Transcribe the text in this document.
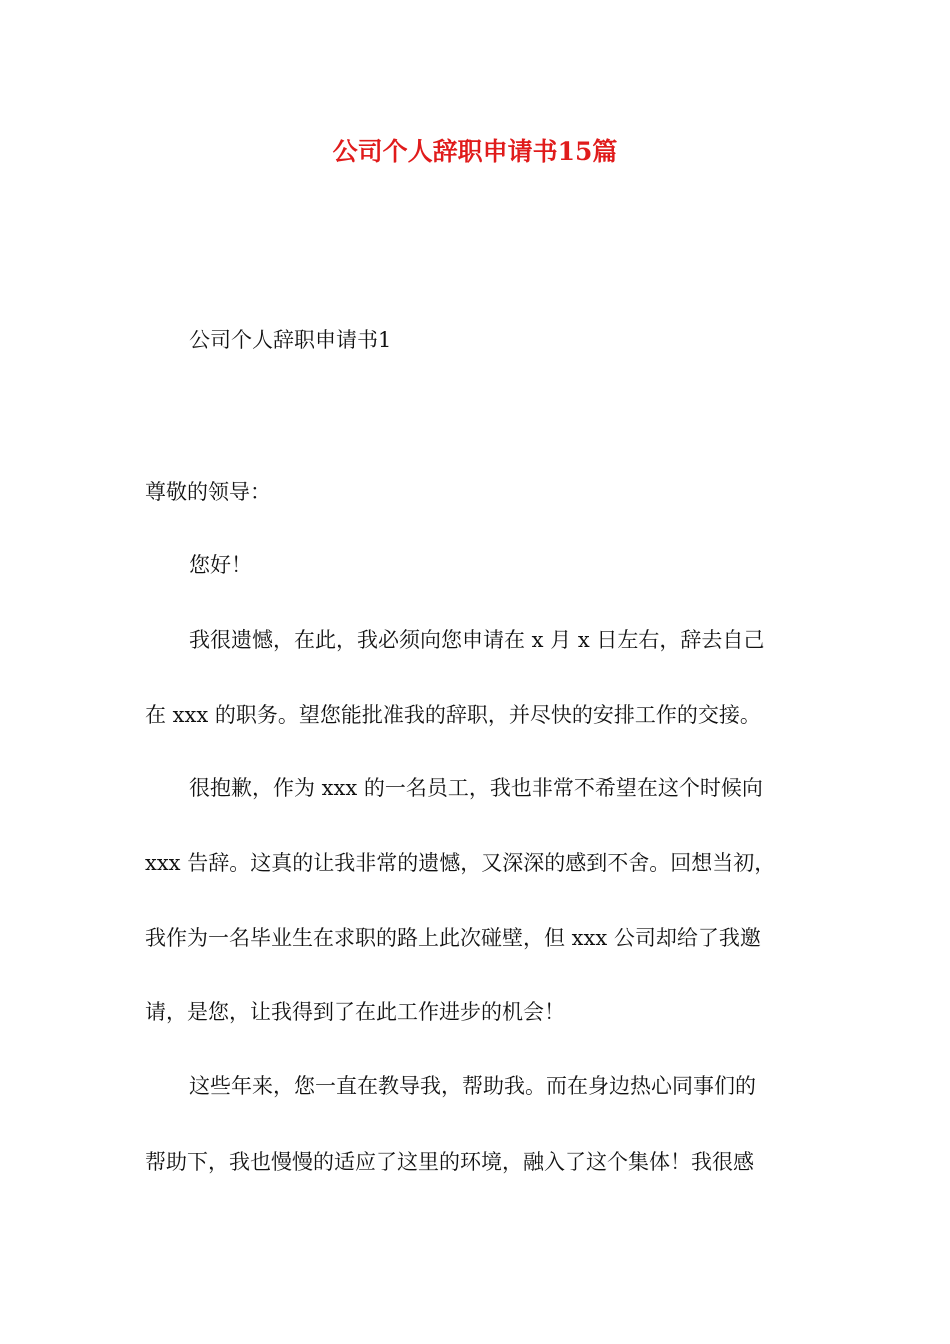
公司个人辞职申请书15篇
公司个人辞职申请书1
尊敬的领导：
您好！
我很遗憾，在此，我必须向您申请在 x 月 x 日左右，辞去自己
在 xxx 的职务。望您能批准我的辞职，并尽快的安排工作的交接。
很抱歉，作为 xxx 的一名员工，我也非常不希望在这个时候向
xxx 告辞。这真的让我非常的遗憾，又深深的感到不舍。回想当初，
我作为一名毕业生在求职的路上此次碰壁，但 xxx 公司却给了我邀
请，是您，让我得到了在此工作进步的机会！
这些年来，您一直在教导我，帮助我。而在身边热心同事们的
帮助下，我也慢慢的适应了这里的环境，融入了这个集体！我很感
